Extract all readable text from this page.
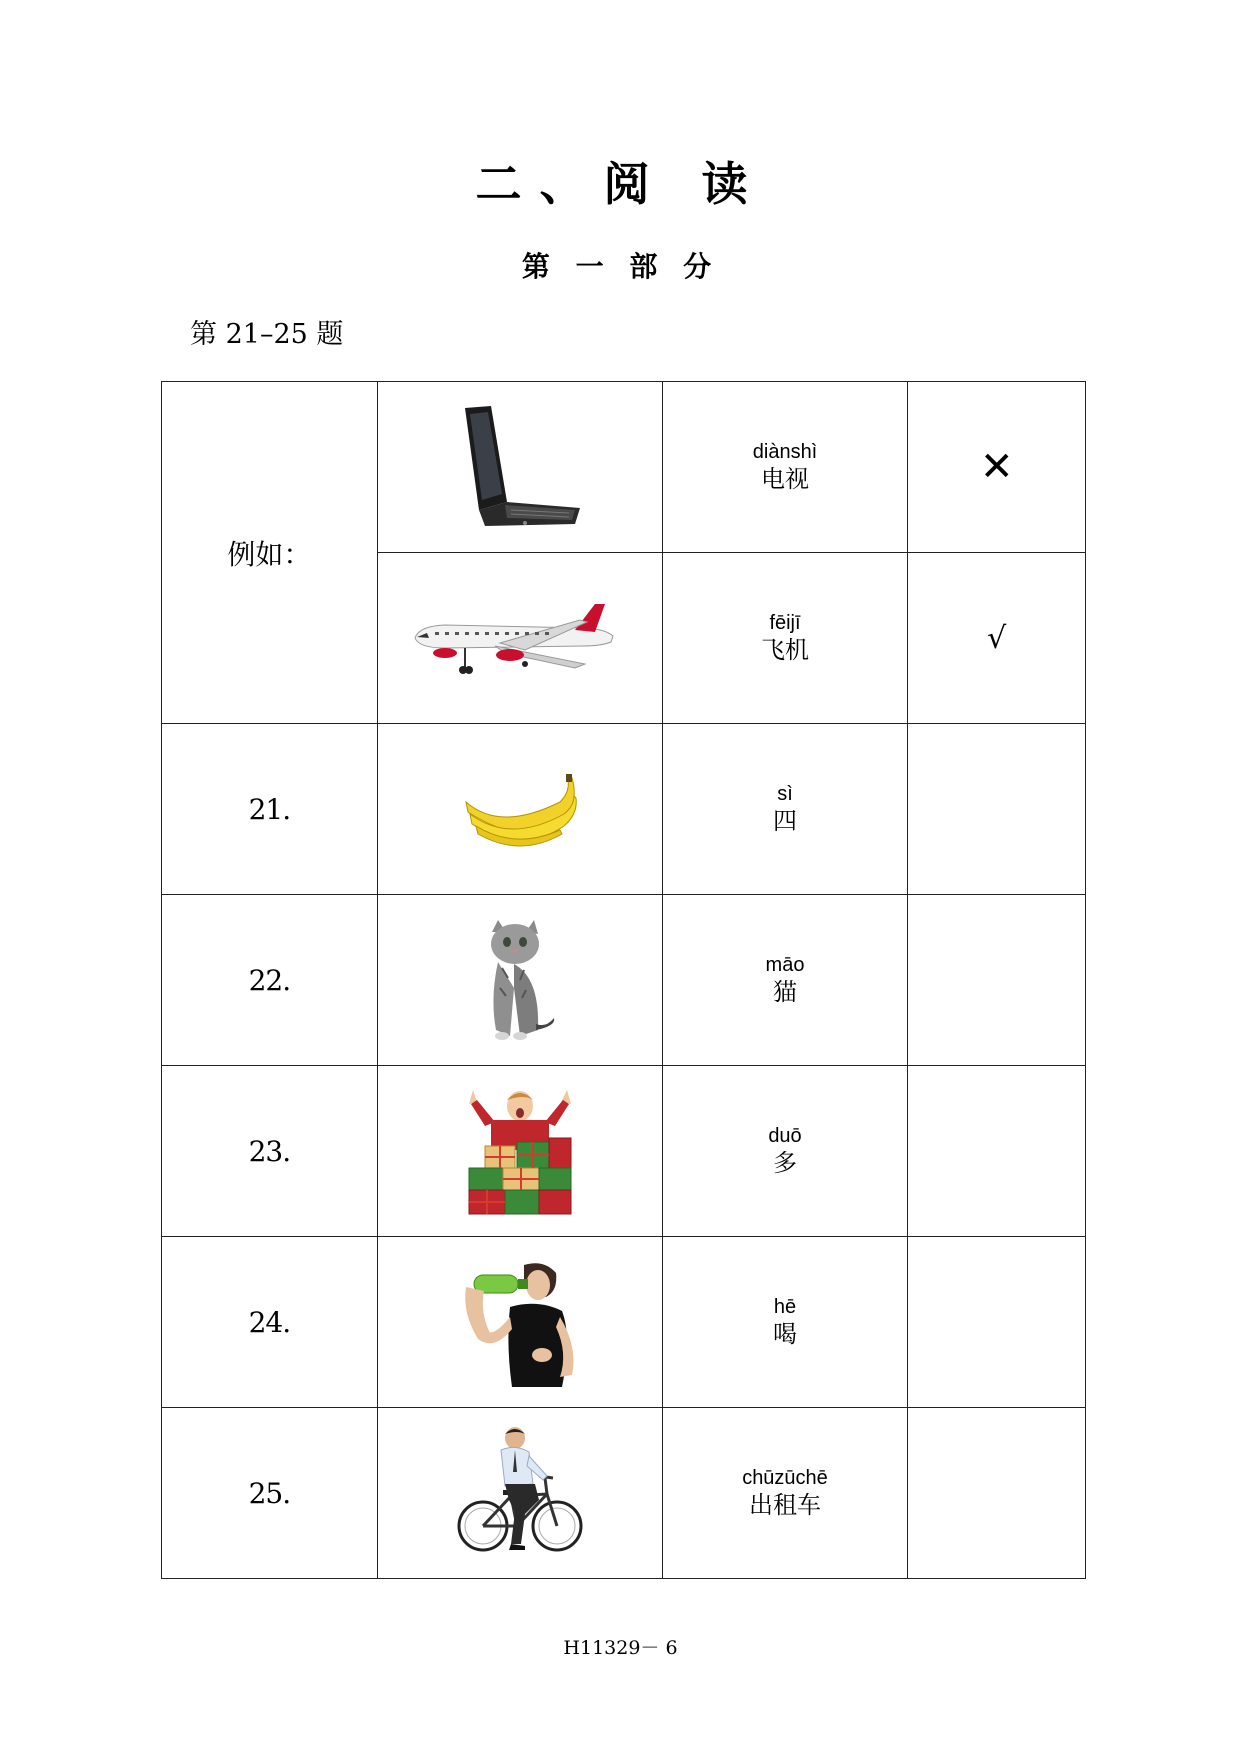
二、阅 读
第 一 部 分
第 21–25 题
例如：		diànshì
电视	✕

fēijī
飞机	√
21.		sì
四	

22.		māo
猫	

23.		duō
多	

24.		hē
喝	

25.		chūzūchē
出租车	

H11329－ 6
